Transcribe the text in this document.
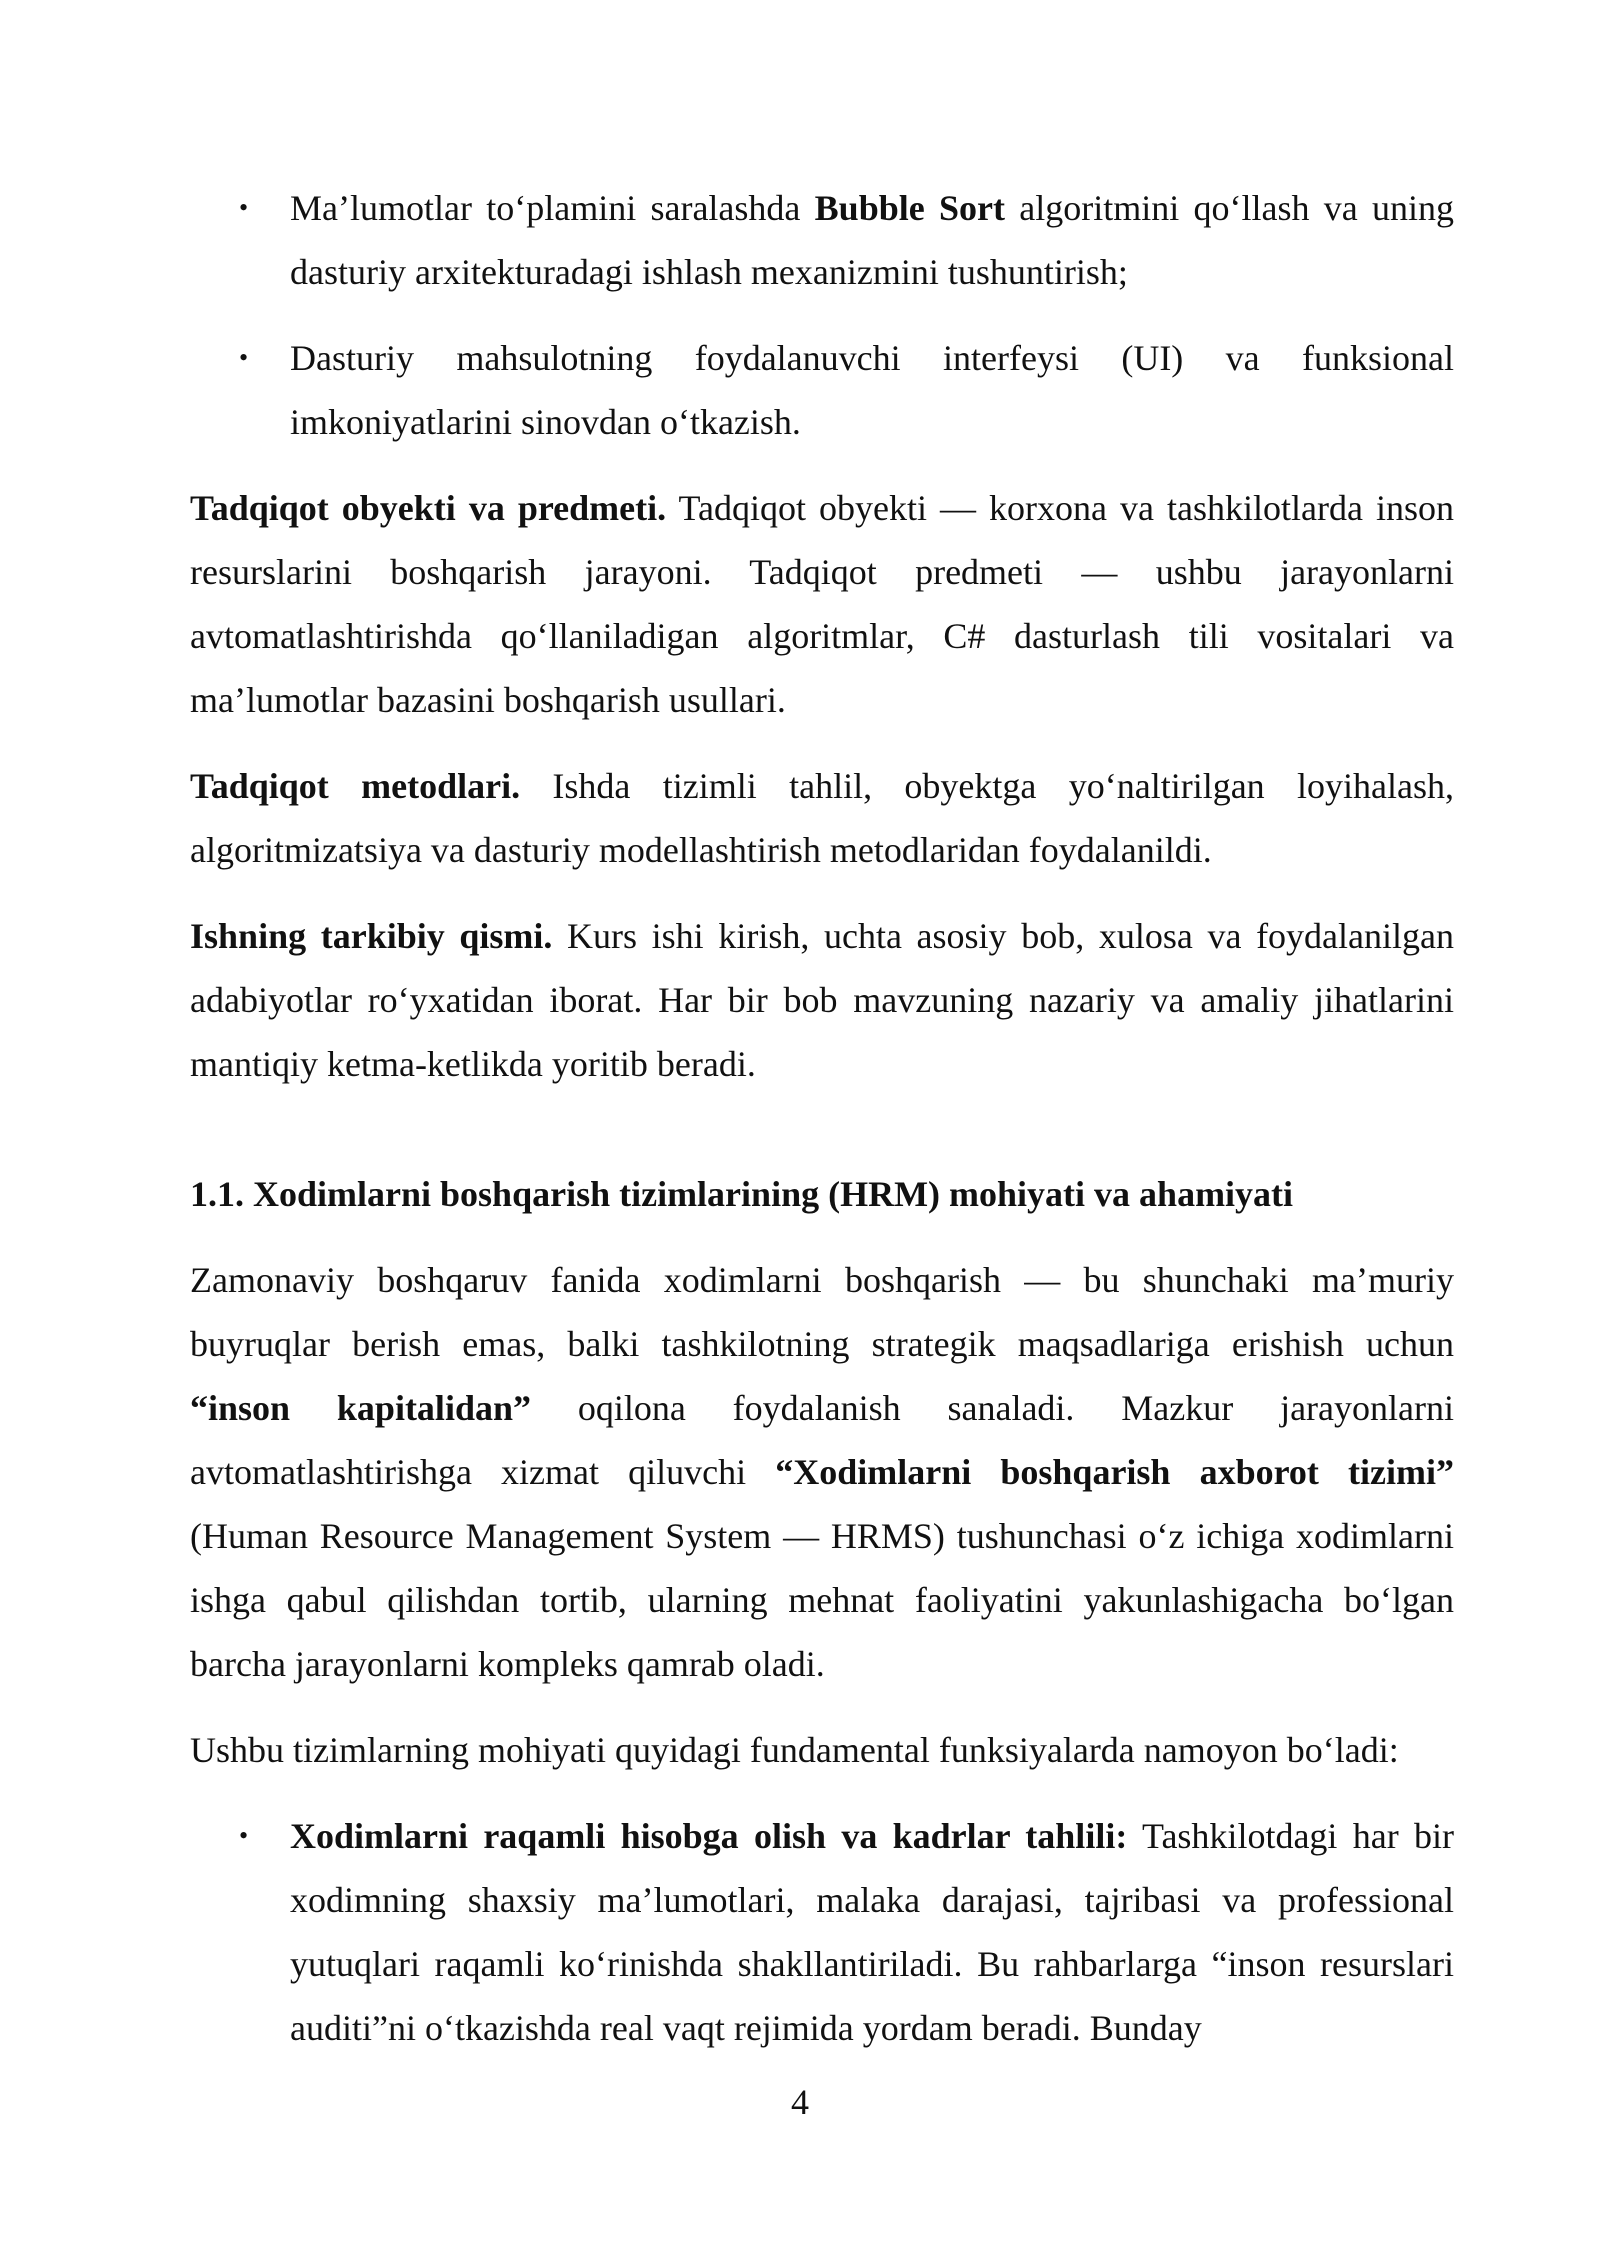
• Ma’lumotlar to‘plamini saralashda Bubble Sort algoritmini qo‘llash va uning dasturiy arxitekturadagi ishlash mexanizmini tushuntirish;
• Dasturiy mahsulotning foydalanuvchi interfeysi (UI) va funksional imkoniyatlarini sinovdan o‘tkazish.

Tadqiqot obyekti va predmeti. Tadqiqot obyekti — korxona va tashkilotlarda inson resurslarini boshqarish jarayoni. Tadqiqot predmeti — ushbu jarayonlarni avtomatlashtirishda qo‘llaniladigan algoritmlar, C# dasturlash tili vositalari va ma’lumotlar bazasini boshqarish usullari.

Tadqiqot metodlari. Ishda tizimli tahlil, obyektga yo‘naltirilgan loyihalash, algoritmizatsiya va dasturiy modellashtirish metodlaridan foydalanildi.

Ishning tarkibiy qismi. Kurs ishi kirish, uchta asosiy bob, xulosa va foydalanilgan adabiyotlar ro‘yxatidan iborat. Har bir bob mavzuning nazariy va amaliy jihatlarini mantiqiy ketma-ketlikda yoritib beradi.

1.1. Xodimlarni boshqarish tizimlarining (HRM) mohiyati va ahamiyati

Zamonaviy boshqaruv fanida xodimlarni boshqarish — bu shunchaki ma’muriy buyruqlar berish emas, balki tashkilotning strategik maqsadlariga erishish uchun “inson kapitalidan” oqilona foydalanish sanaladi. Mazkur jarayonlarni avtomatlashtirishga xizmat qiluvchi “Xodimlarni boshqarish axborot tizimi” (Human Resource Management System — HRMS) tushunchasi o‘z ichiga xodimlarni ishga qabul qilishdan tortib, ularning mehnat faoliyatini yakunlashigacha bo‘lgan barcha jarayonlarni kompleks qamrab oladi.

Ushbu tizimlarning mohiyati quyidagi fundamental funksiyalarda namoyon bo‘ladi:

• Xodimlarni raqamli hisobga olish va kadrlar tahlili: Tashkilotdagi har bir xodimning shaxsiy ma’lumotlari, malaka darajasi, tajribasi va professional yutuqlari raqamli ko‘rinishda shakllantiriladi. Bu rahbarlarga “inson resurslari auditi”ni o‘tkazishda real vaqt rejimida yordam beradi. Bunday
4
